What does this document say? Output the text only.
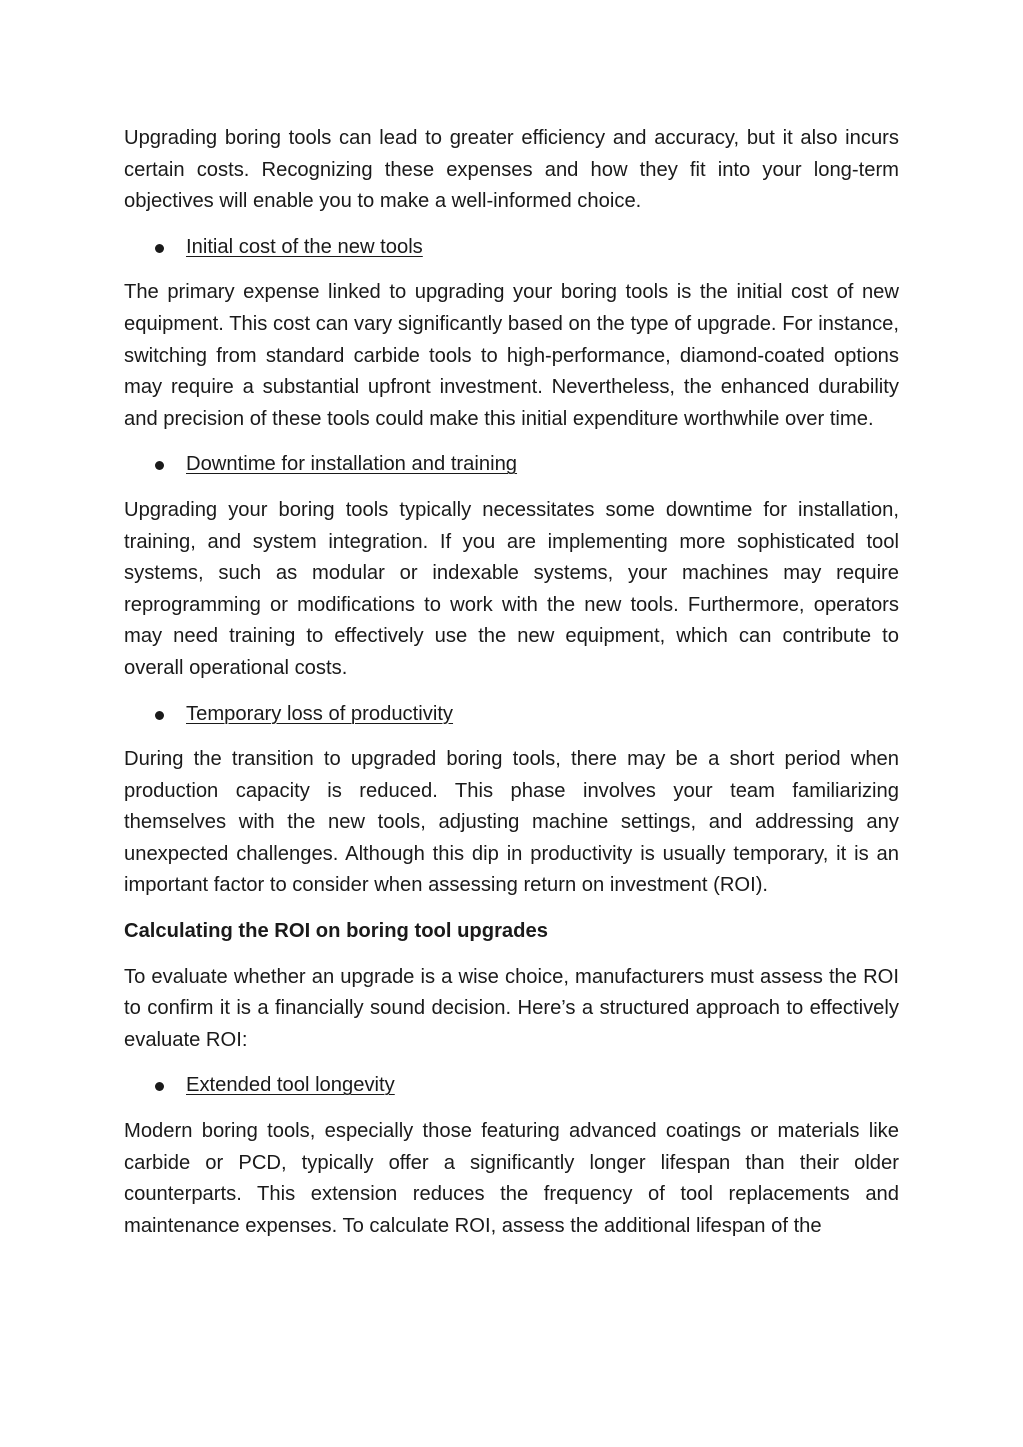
Upgrading boring tools can lead to greater efficiency and accuracy, but it also incurs certain costs. Recognizing these expenses and how they fit into your long-term objectives will enable you to make a well-informed choice.

Initial cost of the new tools

The primary expense linked to upgrading your boring tools is the initial cost of new equipment. This cost can vary significantly based on the type of upgrade. For instance, switching from standard carbide tools to high-performance, diamond-coated options may require a substantial upfront investment. Nevertheless, the enhanced durability and precision of these tools could make this initial expenditure worthwhile over time.

Downtime for installation and training

Upgrading your boring tools typically necessitates some downtime for installation, training, and system integration. If you are implementing more sophisticated tool systems, such as modular or indexable systems, your machines may require reprogramming or modifications to work with the new tools. Furthermore, operators may need training to effectively use the new equipment, which can contribute to overall operational costs.

Temporary loss of productivity

During the transition to upgraded boring tools, there may be a short period when production capacity is reduced. This phase involves your team familiarizing themselves with the new tools, adjusting machine settings, and addressing any unexpected challenges. Although this dip in productivity is usually temporary, it is an important factor to consider when assessing return on investment (ROI).

Calculating the ROI on boring tool upgrades

To evaluate whether an upgrade is a wise choice, manufacturers must assess the ROI to confirm it is a financially sound decision. Here’s a structured approach to effectively evaluate ROI:

Extended tool longevity

Modern boring tools, especially those featuring advanced coatings or materials like carbide or PCD, typically offer a significantly longer lifespan than their older counterparts. This extension reduces the frequency of tool replacements and maintenance expenses. To calculate ROI, assess the additional lifespan of the
